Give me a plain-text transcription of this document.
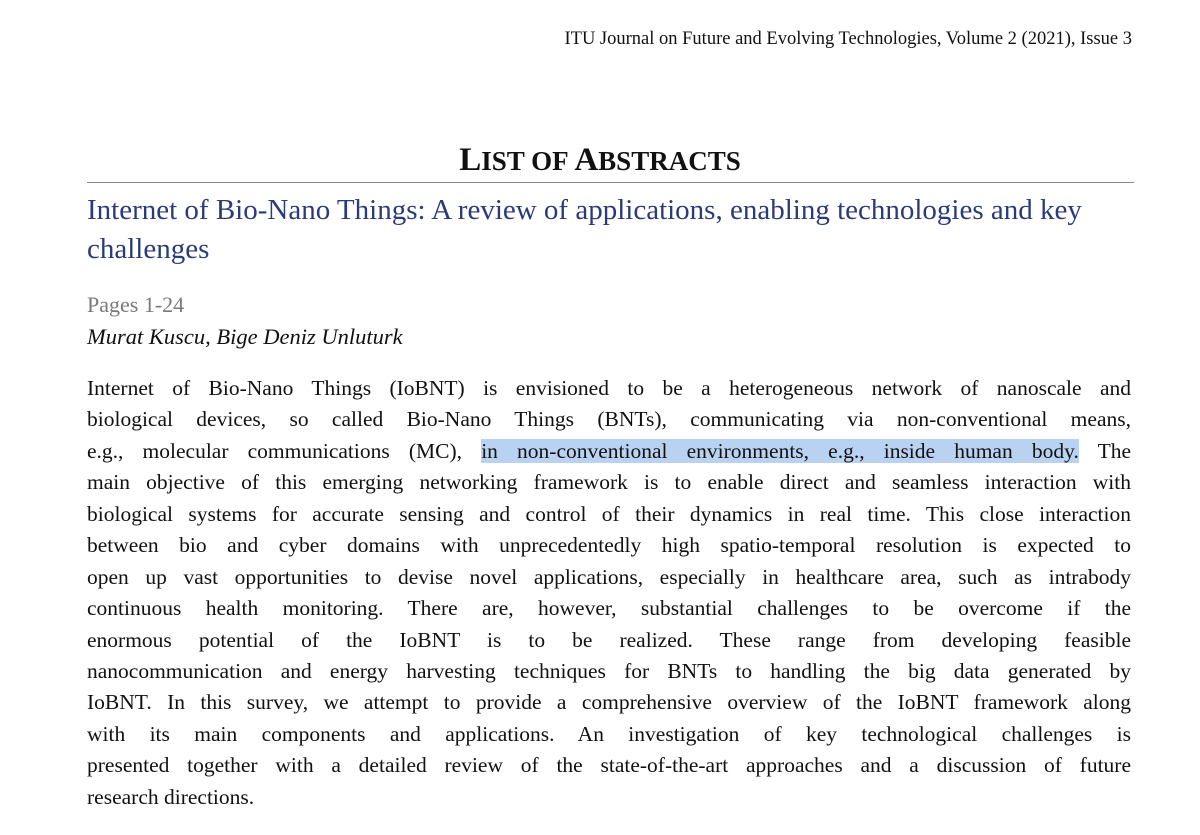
ITU Journal on Future and Evolving Technologies, Volume 2 (2021), Issue 3
LIST OF ABSTRACTS
Internet of Bio-Nano Things: A review of applications, enabling technologies and key challenges
Pages 1-24
Murat Kuscu, Bige Deniz Unluturk
Internet of Bio-Nano Things (IoBNT) is envisioned to be a heterogeneous network of nanoscale and
biological devices, so called Bio-Nano Things (BNTs), communicating via non-conventional means,
e.g., molecular communications (MC), in non-conventional environments, e.g., inside human body. The
main objective of this emerging networking framework is to enable direct and seamless interaction with
biological systems for accurate sensing and control of their dynamics in real time. This close interaction
between bio and cyber domains with unprecedentedly high spatio-temporal resolution is expected to
open up vast opportunities to devise novel applications, especially in healthcare area, such as intrabody
continuous health monitoring. There are, however, substantial challenges to be overcome if the
enormous potential of the IoBNT is to be realized. These range from developing feasible
nanocommunication and energy harvesting techniques for BNTs to handling the big data generated by
IoBNT. In this survey, we attempt to provide a comprehensive overview of the IoBNT framework along
with its main components and applications. An investigation of key technological challenges is
presented together with a detailed review of the state-of-the-art approaches and a discussion of future
research directions.
